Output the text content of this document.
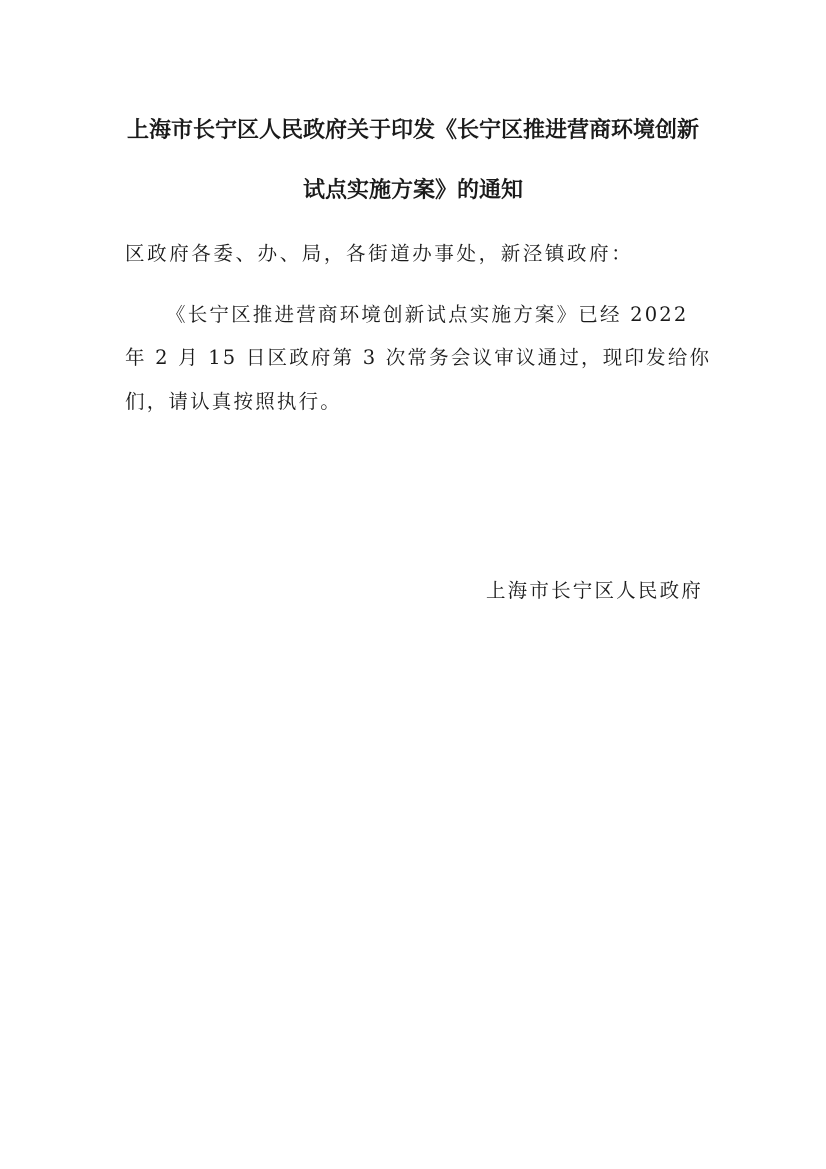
上海市长宁区人民政府关于印发《长宁区推进营商环境创新
试点实施方案》的通知
区政府各委、办、局，各街道办事处，新泾镇政府：
《长宁区推进营商环境创新试点实施方案》已经 2022
年 2 月 15 日区政府第 3 次常务会议审议通过，现印发给你
们，请认真按照执行。
上海市长宁区人民政府
